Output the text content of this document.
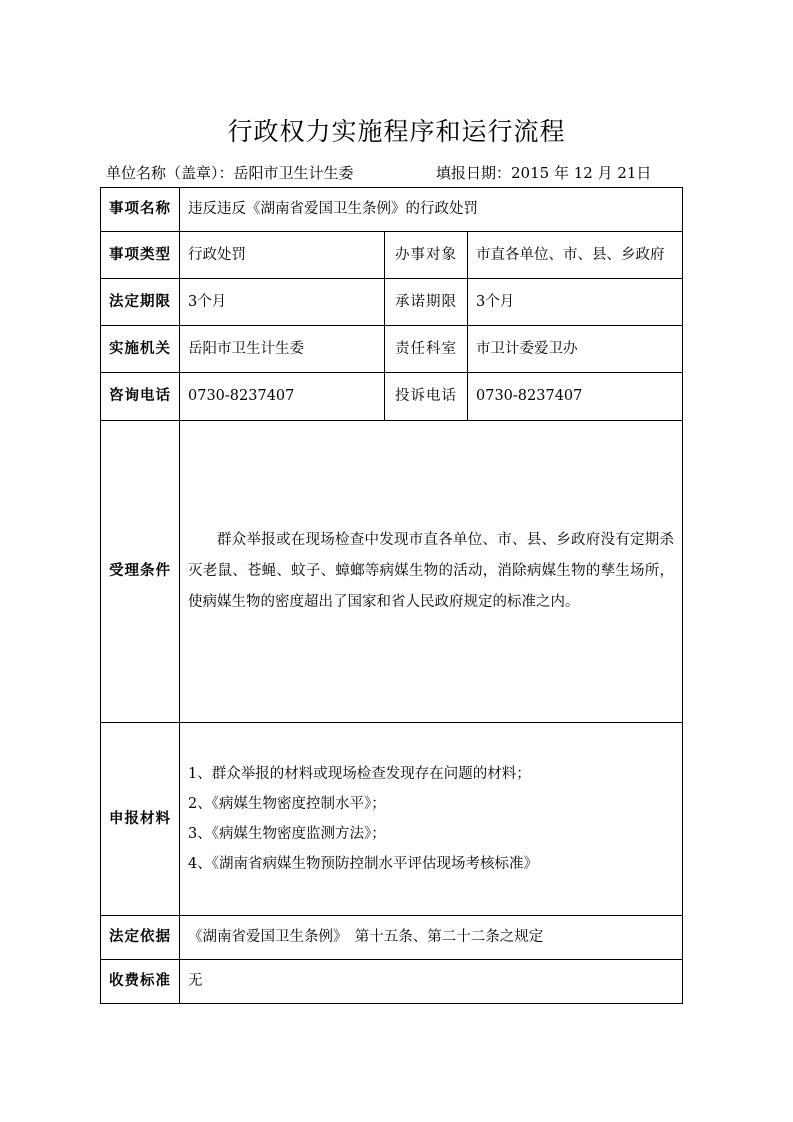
行政权力实施程序和运行流程
单位名称（盖章）：岳阳市卫生计生委	填报日期：2015 年 12 月 21日
事项名称	违反违反《湖南省爱国卫生条例》的行政处罚		
事项类型	行政处罚	办事对象	市直各单位、市、县、乡政府
法定期限	3个月	承诺期限	3个月
实施机关	岳阳市卫生计生委	责任科室	市卫计委爱卫办
咨询电话	0730-8237407	投诉电话	0730-8237407
受理条件	群众举报或在现场检查中发现市直各单位、市、县、乡政府没有定期杀灭老鼠、苍蝇、蚊子、蟑螂等病媒生物的活动，消除病媒生物的孳生场所，使病媒生物的密度超出了国家和省人民政府规定的标准之内。		

申报材料	1、群众举报的材料或现场检查发现存在问题的材料；
2、《病媒生物密度控制水平》；
3、《病媒生物密度监测方法》；
4、《湖南省病媒生物预防控制水平评估现场考核标准》		

法定依据	《湖南省爱国卫生条例》　第十五条、第二十二条之规定		
收费标准	无		
